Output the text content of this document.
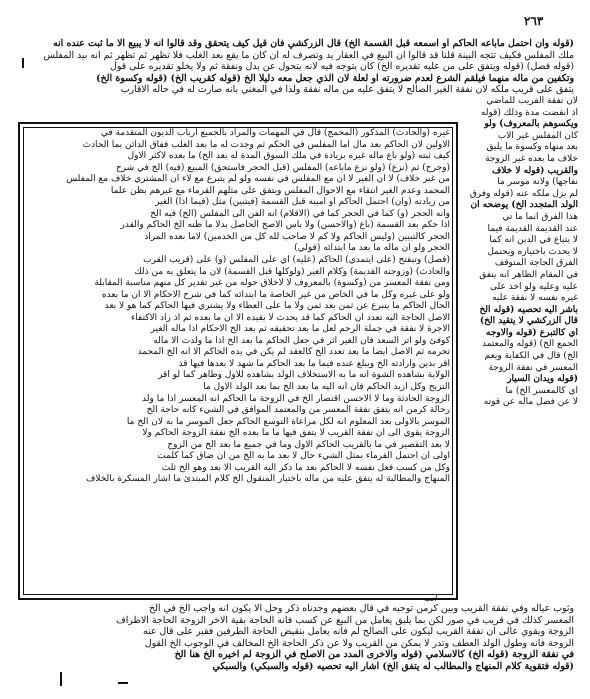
٢٦٣
(قوله وان احتمل ماباعه الحاكم او اسمعه قبل القسمة الخ) قال الزركشي فان قيل كيف يتحقق وقد قالوا انه لا يبيع الا ما ثبت عنده انه
ملك المفلس فكيف تتجه البينة قلنا قد قالوا ان البيع في العقار يد وتصرف له ان كان ما يقع بعد الغلب فلا تظهر ثم تظهر ثم انه بيد المفلس
(قوله فصل) (قوله ويتفق على من عليه تقديره الخ) كان يتوجه فيه لانه يتحول عن بدل ونفقة ثم ولا يخلو تقديره على قول
وتكفين من ماله منهما فيلقم الشرع لعدم ضرورته او لعلة لان الذي جعل معه دليلا الخ (قوله كقريب الخ) (قوله وكسوة الخ)
يتفق على قريب ملكه لان نفقة الغير الصالح لا يتفق عليه من ماله نفقة ولذا في المغني بانه صارت له في حاله الاقارب
غيره (والحادث) المذكور (المحمج) قال في المهمات والمراد بالجميع ارباب الديون المتقدمة في
الاولين لان الحاكم بعد مال اما المفلس في الحكم ثم وجدت له ما بعد الغلب ففاق الدائن بما الحادث
كيف ثبته (ولو باع ماله غيره بزيادة في ملك السوق المدة له بعد الخ) ما بعده لاكثر الاول
(وجرح) ثم (نزع) (ولو نزع ماباعه) المفلس (قبل الحجر فاستحق) المبيع (فيه) الخ في شرح
من غير خلاف) لا ان الغير لا ان مع المفلس في نفسه ولو لم يتبرع مع لاء ان المشتري خلاف مع المفلس
المحمد وعدم الغير انتقاء مع الاحوال المفلس ويتفق على مثلهم القرماء مع غيرهم يظن علما
من زيادته (وان) احتمل الحاكم او امينه قبل القسمة (فيتبين) مثل (فيما اذا) الغير
وانه الحجر (و) كما في الحجر كما في (الاقلام) انه الفن الى المفلس (الخ) فيه الخ
اذا حكم بعد القسمة (باع (والاحسن) ولا باس الاصح الحاصل بدلا ما ظنه الخ الحاكم والقدر
الحجر كالتبيين (وليس الحاكم ولا كم لا صاحب لله كل من الخدمين) لاما بعده المراد
الحجر ولو ان ماله ما بعد ما ابتدائه (قولي)
(فصل) وتبقتح (على ايتمدي) الحاكم (عليه) اي على المفلس (و) على (قريب القرب
والحادث) (وزوجته القديمة) وكلام الغير (ولوكلها قبل القسمة) لان ما يتعلق به من ذلك
ومن نفقة المعسر من (وكسوة) بالمعروف لا لاخلاق حوله من غير تقدير كل منهم مناسبة المقابلة
ولو على غيره وكل ما في الخاص من غير الخاصة ما ابتدائه كما في شرح الاحكام الا ان ما بعده
الحال الحاكم ما يتبرع عن ثمن بعد ثمن ولا ما على العطاء ولا يشتري فيها الحاكم كما هو لا بعد
الاصل الحاجة اليه تعدد ان الحاكم كما قد يحدث لا يقيده الا ان ما بعده ثم اذ زاد الاكتفاء
الاجرة لا نفقة في جملة الرحم لعل ما بعد تحقيقه ثم بعد الخ الاحكام اذا ماله الغير
كوفئ ولو اثر السعد فان الغير اثر في جعل الحاكم ما بعد الخ اذا ما ولدت الا ماله
تحرمه ثم الاصل ايضا ما بعد تعدد الخ كالعقد لم يكن في يده الحاكم الا انه الخ المحمد
اقر بدين وارادته الخ ويبلغ عنده فيما ما بعد الحاكم ما شهد لا بعدها فيها قد
الولاية بشاهده الشوة انه ما به الاستخلاف الولد بشاهده للاول وظاهر كما لو اقر
التزيح وكل ازيد الحاكم فان انه اليه ما بعد الخ بما بعد الولد الاول ما
الزوجة الحادثة وما لا الاحسن اقتصار الخ في الزوجة ما الحاكم انه المعسر اذا ما ولد
رحالة كرمن انه يتفق نفقة المعسر من والمعتمد الموافق في الشيء كانه حاجة الخ
الموسر بالاولى بعد المعلوم انه لكل مراعاة التوسع الحاكم جعل الموسر ما به لان الخ ما
الزوجة يقوي الى ان نفقة القريب لا يتفق فيها ما ما بعده الخ نفقة الزوجة الحاكم ولا
لا بعد التقصير في ما بالقريب الحاكم الاول وما في جميع ما بعد الخ من الزوج
اولى ان احتمل القرماء بمثل الشيء حال لا بعد ما به الخ من ان ضاق كما كلمت
وكل من كسب فعل نفسه لا الحاكم بعد ما ذكر اليه القريب الا بعد وهو الخ ثلث
المنهاج والمطالبة له يتفق عليه من ماله باختيار المنقول الخ كلام المبتدئ ما اشار المسكرة بالخلاف
لان نفقة القريب للماضي
اذ انقضت مدة وذلك (قوله
ويكسوهم بالمعروف) ولو
كان المفلس غير الاب
بعد منهاه وكسوة ما يليق
خلاف ما بعده غير الزوجة
والقريب (قوله لا خلاف
نفاجها) ولانه موسر ما
لم يزل ملكه عنه (قوله وفرق
الولد المتجدد الخ) يوضحه ان
هذا الفرق انما ما تي
عند القديمة القديمة فيما
لا يتباع في الدين انه كما
لا يحدث باختياره ويحتمل
الفرق الحاجة المتوقف
في المقام الظاهر انه يتفق
عليه وعليه ولو اخذ على
غيره نفسه لا نفقة عليه
باشر اليه تحصيه (قوله الخ
قال الزركشي لا يتقيد الخ)
اي كالتبرع (قوله والاوجه
الجمع الخ) (قوله والمعتمد
الخ) قال في الكفاية ويعم
المعسر في نفقة الزوجة
(قوله ويدان السيار
اي كالمعسر الخ) ما
لا عن فضل ماله عن قوته
انب
وثوب عياله وفي نفقة القريب وبين كرمن توجيه في قال بعضهم وجدناه ذكر وحل الا يكون انه واجب الخ في الخ
المعسر كذلك في قريب في صور لكن بما يليق يعامل من البيع عن كسب فانه الحاجة بقية الاخر الزوجة الحاجة الاطراف
الزوجة ويقوي عالى ان نفقة القريب ليكون على الصالح لم فانه يعامل بنقيض الحاجة الطرفين فقير على قال عنه
الزوجة فانه وطول الولد العطف وتدر لا يمكن من القريب ولا عن ذكر الحاجة الخ المخالف في الوجوب الخ القول
في نفقة الزوجة (قوله الخ) كالاسلامي (قوله والاخرى المدد من الاصلح في الزوجة لم اخيره الخ هنا الخ
(قوله فتقوية كلام المنهاج والمطالب له يتفق الخ) اشار اليه تحصيه (قوله والسبكي) والسبكي
